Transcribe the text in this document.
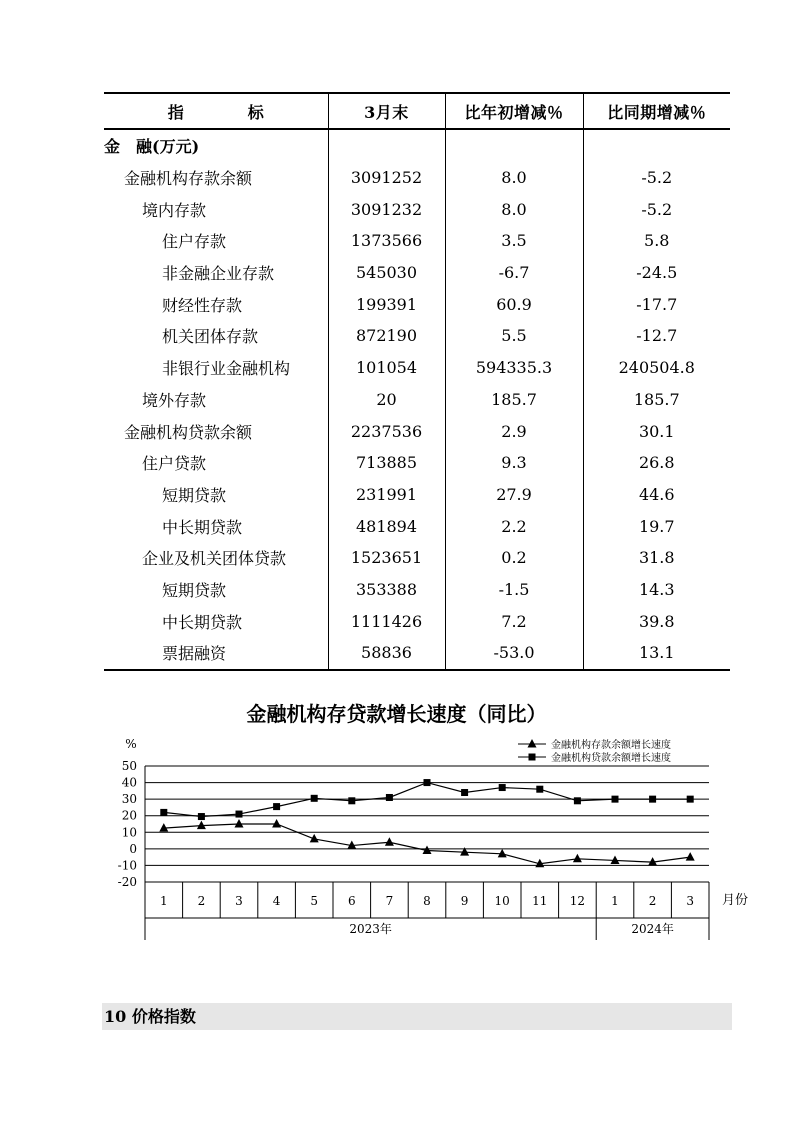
指　　　　标	3月末	比年初增减％	比同期增减％
金　融(万元)			
金融机构存款余额	3091252	8.0	-5.2
境内存款	3091232	8.0	-5.2
住户存款	1373566	3.5	5.8
非金融企业存款	545030	-6.7	-24.5
财经性存款	199391	60.9	-17.7
机关团体存款	872190	5.5	-12.7
非银行业金融机构	101054	594335.3	240504.8
境外存款	20	185.7	185.7
金融机构贷款余额	2237536	2.9	30.1
住户贷款	713885	9.3	26.8
短期贷款	231991	27.9	44.6
中长期贷款	481894	2.2	19.7
企业及机关团体贷款	1523651	0.2	31.8
短期贷款	353388	-1.5	14.3
中长期贷款	1111426	7.2	39.8
票据融资	58836	-53.0	13.1
金融机构存贷款增长速度（同比）
50
40
30
20
10
0
-10
-20
%
1 2 3 4 5 6 7 8 9 10 11 12 1 2 3 月份
2023年	2024年
金融机构存款余额增长速度
金融机构贷款余额增长速度
10 价格指数
